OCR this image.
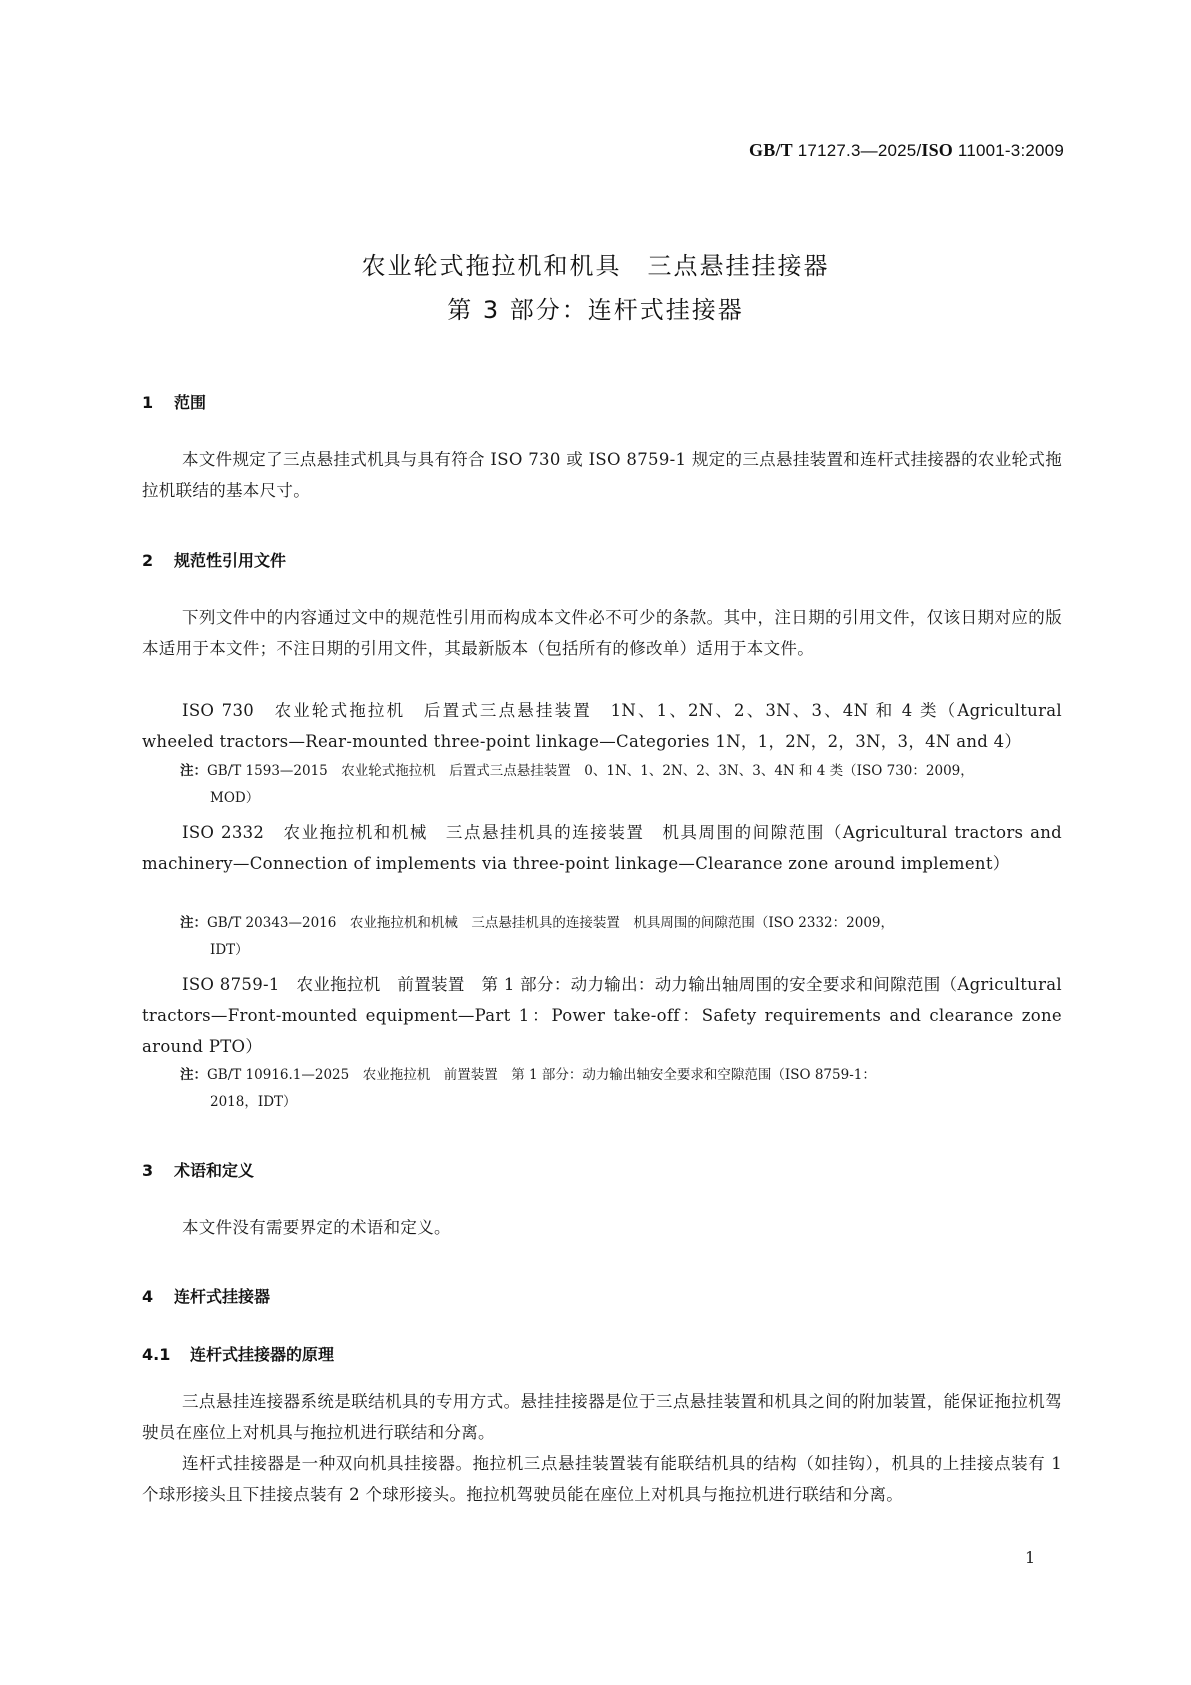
GB/T 17127.3—2025/ISO 11001-3:2009
农业轮式拖拉机和机具　三点悬挂挂接器
第 3 部分：连杆式挂接器
1 范围
本文件规定了三点悬挂式机具与具有符合 ISO 730 或 ISO 8759-1 规定的三点悬挂装置和连杆式挂接器的农业轮式拖拉机联结的基本尺寸。
2 规范性引用文件
下列文件中的内容通过文中的规范性引用而构成本文件必不可少的条款。其中，注日期的引用文件，仅该日期对应的版本适用于本文件；不注日期的引用文件，其最新版本（包括所有的修改单）适用于本文件。
ISO 730　农业轮式拖拉机　后置式三点悬挂装置　1N、1、2N、2、3N、3、4N 和 4 类（Agricultural wheeled tractors—Rear-mounted three-point linkage—Categories 1N，1，2N，2，3N，3，4N and 4）
注：GB/T 1593—2015　农业轮式拖拉机　后置式三点悬挂装置　0、1N、1、2N、2、3N、3、4N 和 4 类（ISO 730：2009，
MOD）
ISO 2332　农业拖拉机和机械　三点悬挂机具的连接装置　机具周围的间隙范围（Agricultural tractors and machinery—Connection of implements via three-point linkage—Clearance zone around implement）
注：GB/T 20343—2016　农业拖拉机和机械　三点悬挂机具的连接装置　机具周围的间隙范围（ISO 2332：2009，
IDT）
ISO 8759-1　农业拖拉机　前置装置　第 1 部分：动力输出：动力输出轴周围的安全要求和间隙范围（Agricultural tractors—Front-mounted equipment—Part 1：Power take-off：Safety requirements and clearance zone around PTO）
注：GB/T 10916.1—2025　农业拖拉机　前置装置　第 1 部分：动力输出轴安全要求和空隙范围（ISO 8759-1：
2018，IDT）
3 术语和定义
本文件没有需要界定的术语和定义。
4 连杆式挂接器
4.1 连杆式挂接器的原理
三点悬挂连接器系统是联结机具的专用方式。悬挂挂接器是位于三点悬挂装置和机具之间的附加装置，能保证拖拉机驾驶员在座位上对机具与拖拉机进行联结和分离。
连杆式挂接器是一种双向机具挂接器。拖拉机三点悬挂装置装有能联结机具的结构（如挂钩），机具的上挂接点装有 1 个球形接头且下挂接点装有 2 个球形接头。拖拉机驾驶员能在座位上对机具与拖拉机进行联结和分离。
1
